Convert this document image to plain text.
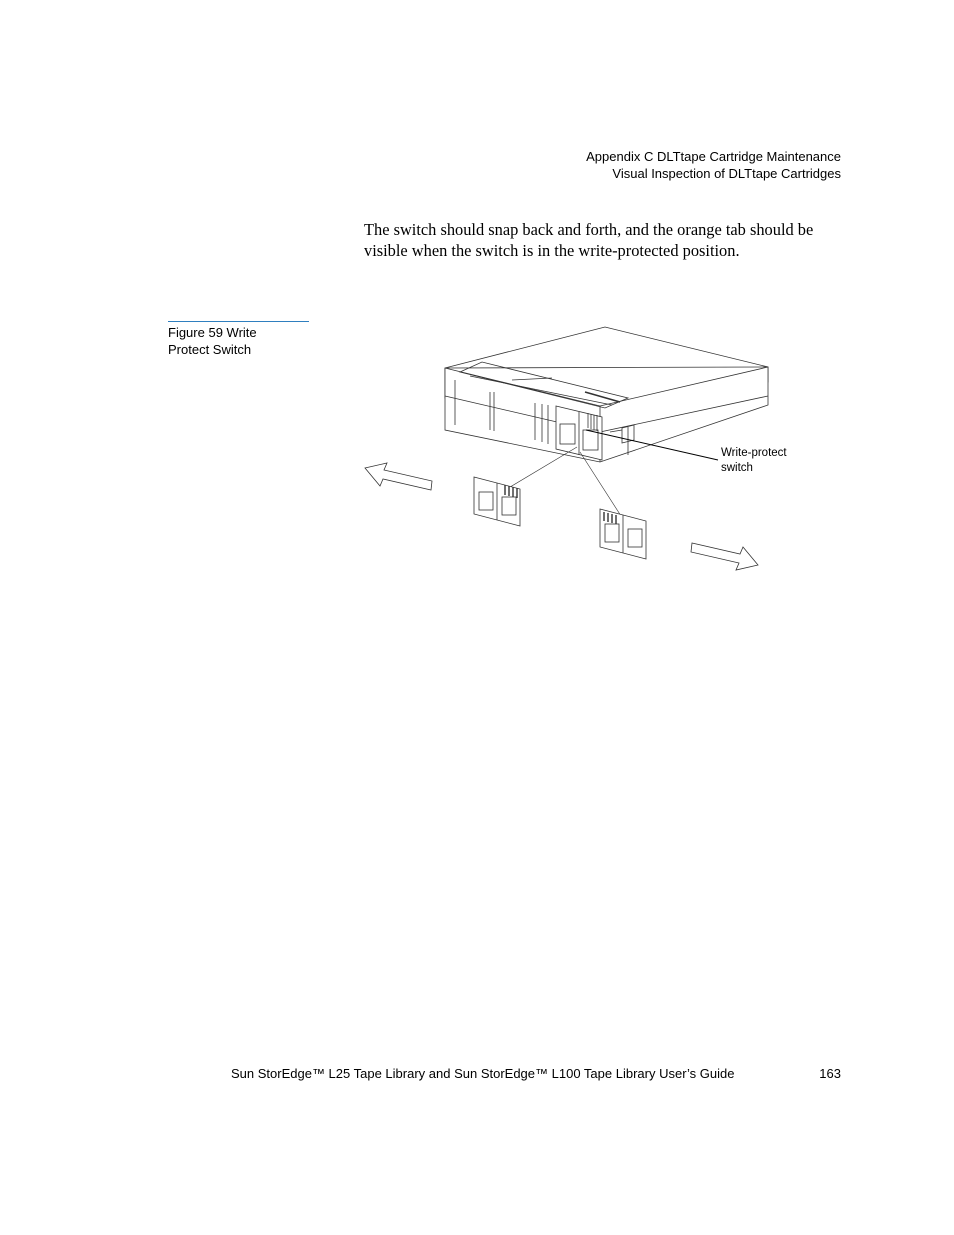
Appendix C DLTtape Cartridge Maintenance
Visual Inspection of DLTtape Cartridges

The switch should snap back and forth, and the orange tab should be visible when the switch is in the write-protected position.

Figure 59 Write
Protect Switch
Write-protect
switch
Sun StorEdge™ L25 Tape Library and Sun StorEdge™ L100 Tape Library User’s Guide	163
